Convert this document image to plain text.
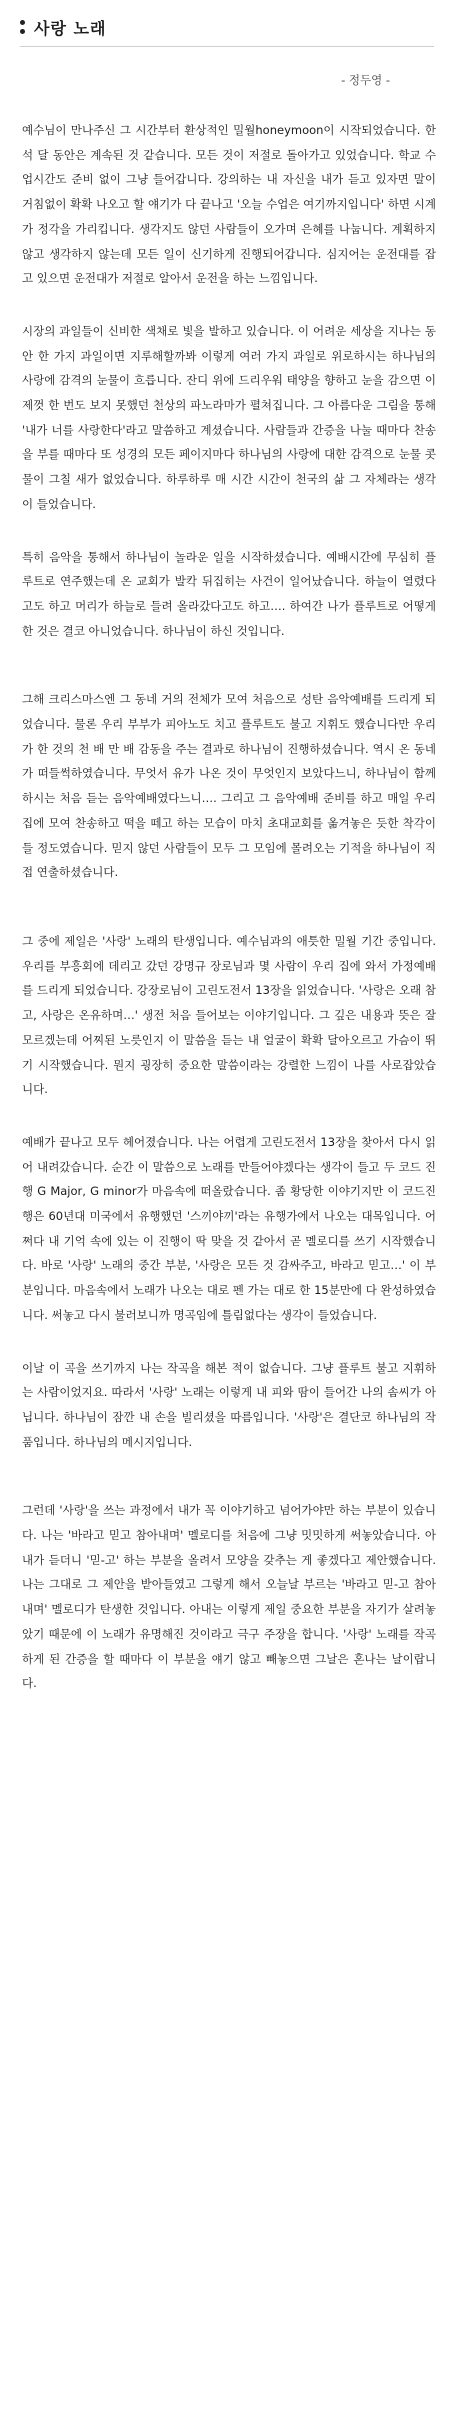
사랑 노래
- 정두영 -

예수님이 만나주신 그 시간부터 환상적인 밀월honeymoon이 시작되었습니다. 한 석 달 동안은 계속된 것 같습니다. 모든 것이 저절로 돌아가고 있었습니다. 학교 수업시간도 준비 없이 그냥 들어갑니다. 강의하는 내 자신을 내가 듣고 있자면 말이 거침없이 확확 나오고 할 얘기가 다 끝나고 '오늘 수업은 여기까지입니다' 하면 시계가 정각을 가리킵니다. 생각지도 않던 사람들이 오가며 은혜를 나눕니다. 계획하지 않고 생각하지 않는데 모든 일이 신기하게 진행되어갑니다. 심지어는 운전대를 잡고 있으면 운전대가 저절로 알아서 운전을 하는 느낌입니다.

시장의 과일들이 신비한 색채로 빛을 발하고 있습니다. 이 어려운 세상을 지나는 동안 한 가지 과일이면 지루해할까봐 이렇게 여러 가지 과일로 위로하시는 하나님의 사랑에 감격의 눈물이 흐릅니다. 잔디 위에 드리우워 태양을 향하고 눈을 감으면 이제껏 한 번도 보지 못했던 천상의 파노라마가 펼쳐집니다. 그 아름다운 그림을 통해 '내가 너를 사랑한다'라고 말씀하고 계셨습니다. 사람들과 간증을 나눌 때마다 찬송을 부를 때마다 또 성경의 모든 페이지마다 하나님의 사랑에 대한 감격으로 눈물 콧물이 그칠 새가 없었습니다. 하루하루 매 시간 시간이 천국의 삶 그 자체라는 생각이 들었습니다.

특히 음악을 통해서 하나님이 놀라운 일을 시작하셨습니다. 예배시간에 무심히 플루트로 연주했는데 온 교회가 발칵 뒤집히는 사건이 일어났습니다. 하늘이 열렸다고도 하고 머리가 하늘로 들려 올라갔다고도 하고…. 하여간 나가 플루트로 어떻게 한 것은 결코 아니었습니다. 하나님이 하신 것입니다.

그해 크리스마스엔 그 동네 거의 전체가 모여 처음으로 성탄 음악예배를 드리게 되었습니다. 물론 우리 부부가 피아노도 치고 플루트도 불고 지휘도 했습니다만 우리가 한 것의 천 배 만 배 감동을 주는 결과로 하나님이 진행하셨습니다. 역시 온 동네가 떠들썩하였습니다. 무엇서 유가 나온 것이 무엇인지 보았다느니, 하나님이 함께 하시는 처음 듣는 음악예배였다느니…. 그리고 그 음악예배 준비를 하고 매일 우리 집에 모여 찬송하고 떡을 떼고 하는 모습이 마치 초대교회를 옮겨놓은 듯한 착각이 들 정도였습니다. 믿지 않던 사람들이 모두 그 모임에 몰려오는 기적을 하나님이 직접 연출하셨습니다.

그 중에 제일은 '사랑' 노래의 탄생입니다. 예수님과의 애틋한 밀월 기간 중입니다. 우리를 부흥회에 데리고 갔던 강명규 장로님과 몇 사람이 우리 집에 와서 가정예배를 드리게 되었습니다. 강장로님이 고린도전서 13장을 읽었습니다. '사랑은 오래 참고, 사랑은 온유하며…' 생전 처음 들어보는 이야기입니다. 그 깊은 내용과 뜻은 잘 모르겠는데 어찌된 노릇인지 이 말씀을 듣는 내 얼굴이 확확 달아오르고 가슴이 뛰기 시작했습니다. 뭔지 굉장히 중요한 말씀이라는 강렬한 느낌이 나를 사로잡았습니다.

예배가 끝나고 모두 헤어졌습니다. 나는 어렵게 고린도전서 13장을 찾아서 다시 읽어 내려갔습니다. 순간 이 말씀으로 노래를 만들어야겠다는 생각이 들고 두 코드 진행 G Major, G minor가 마음속에 떠올랐습니다. 좀 황당한 이야기지만 이 코드진행은 60년대 미국에서 유행했던 '스끼야끼'라는 유행가에서 나오는 대목입니다. 어쩌다 내 기억 속에 있는 이 진행이 딱 맞을 것 같아서 곧 멜로디를 쓰기 시작했습니다. 바로 '사랑' 노래의 중간 부분, '사랑은 모든 것 감싸주고, 바라고 믿고…' 이 부분입니다. 마음속에서 노래가 나오는 대로 펜 가는 대로 한 15분만에 다 완성하였습니다. 써놓고 다시 불러보니까 명곡임에 틀림없다는 생각이 들었습니다.

이날 이 곡을 쓰기까지 나는 작곡을 해본 적이 없습니다. 그냥 플루트 불고 지휘하는 사람이었지요. 따라서 '사랑' 노래는 이렇게 내 피와 땀이 들어간 나의 솜씨가 아닙니다. 하나님이 잠깐 내 손을 빌리셨을 따름입니다. '사랑'은 결단코 하나님의 작품입니다. 하나님의 메시지입니다.

그런데 '사랑'을 쓰는 과정에서 내가 꼭 이야기하고 넘어가야만 하는 부분이 있습니다. 나는 '바라고 믿고 참아내며' 멜로디를 처음에 그냥 밋밋하게 써놓았습니다. 아내가 듣더니 '믿-고' 하는 부분을 올려서 모양을 갖추는 게 좋겠다고 제안했습니다. 나는 그대로 그 제안을 받아들였고 그렇게 해서 오늘날 부르는 '바라고 믿-고 참아내며' 멜로디가 탄생한 것입니다. 아내는 이렇게 제일 중요한 부분을 자기가 살려놓았기 때문에 이 노래가 유명해진 것이라고 극구 주장을 합니다. '사랑' 노래를 작곡하게 된 간증을 할 때마다 이 부분을 얘기 않고 빼놓으면 그날은 혼나는 날이랍니다.
